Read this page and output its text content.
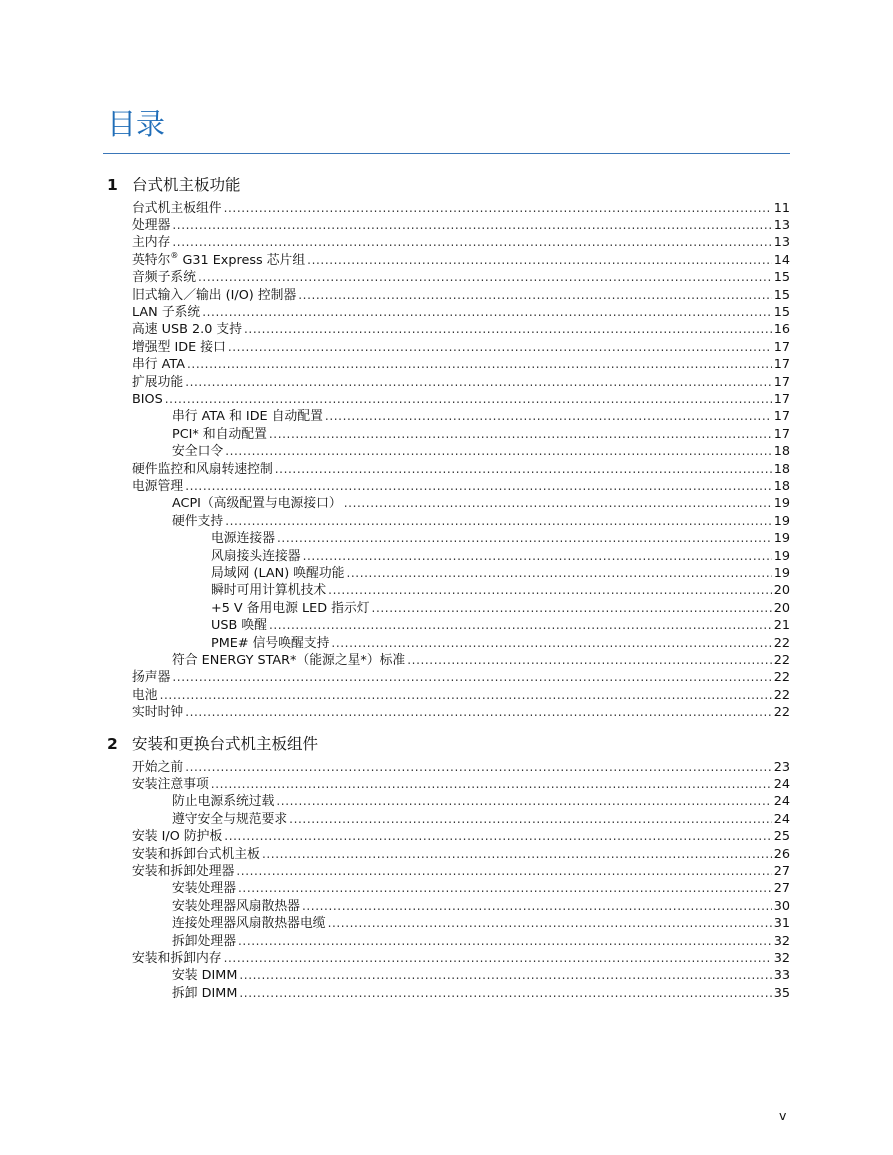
目录
1 台式机主板功能
台式机主板组件 .....	11
处理器 .....	13
主内存 .....	13
英特尔® G31 Express 芯片组 .....	14
音频子系统 .....	15
旧式输入／输出 (I/O) 控制器 .....	15
LAN 子系统 .....	15
高速 USB 2.0 支持 .....	16
增强型 IDE 接口 .....	17
串行 ATA .....	17
扩展功能 .....	17
BIOS .....	17
串行 ATA 和 IDE 自动配置 .....	17
PCI* 和自动配置 .....	17
安全口令 .....	18
硬件监控和风扇转速控制 .....	18
电源管理 .....	18
ACPI（高级配置与电源接口） .....	19
硬件支持 .....	19
电源连接器 .....	19
风扇接头连接器 .....	19
局域网 (LAN) 唤醒功能 .....	19
瞬时可用计算机技术 .....	20
+5 V 备用电源 LED 指示灯 .....	20
USB 唤醒 .....	21
PME# 信号唤醒支持 .....	22
符合 ENERGY STAR*（能源之星*）标准 .....	22
扬声器 .....	22
电池 .....	22
实时时钟 .....	22
2 安装和更换台式机主板组件
开始之前 .....	23
安装注意事项 .....	24
防止电源系统过载 .....	24
遵守安全与规范要求 .....	24
安装 I/O 防护板 .....	25
安装和拆卸台式机主板 .....	26
安装和拆卸处理器 .....	27
安装处理器 .....	27
安装处理器风扇散热器 .....	30
连接处理器风扇散热器电缆 .....	31
拆卸处理器 .....	32
安装和拆卸内存 .....	32
安装 DIMM .....	33
拆卸 DIMM .....	35
v
